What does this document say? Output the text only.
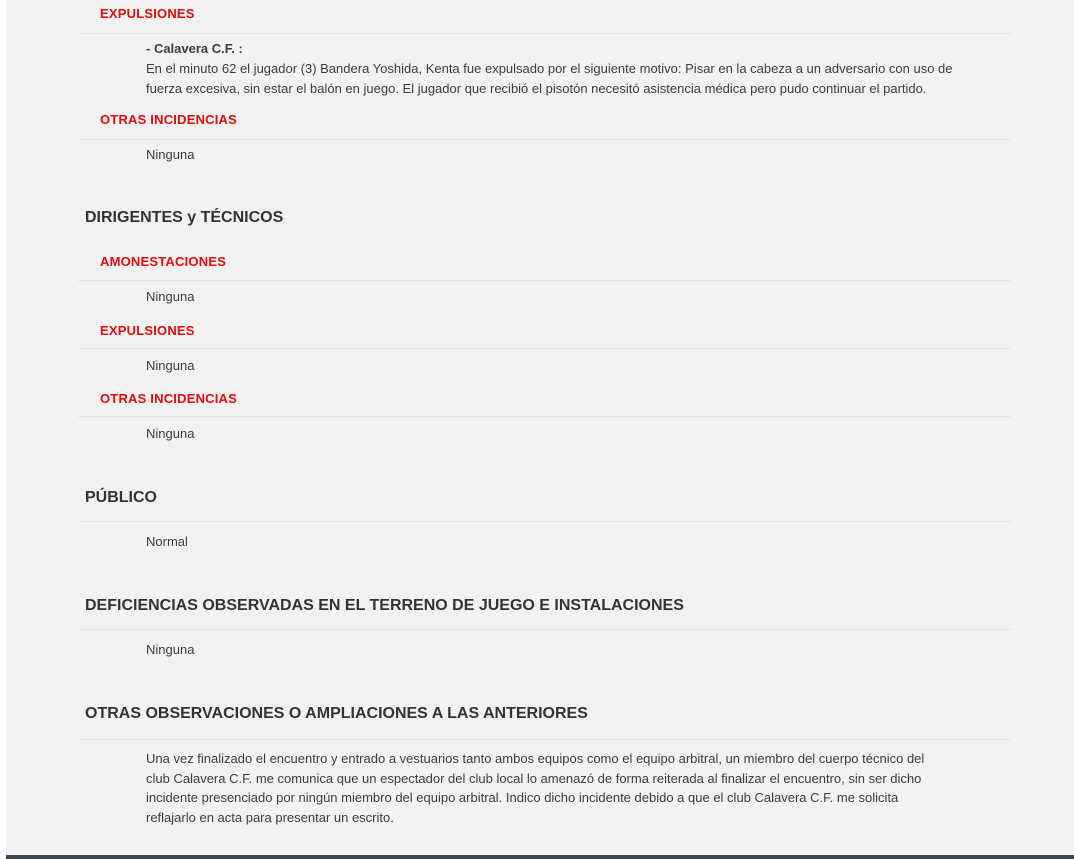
EXPULSIONES
- Calavera C.F. :
En el minuto 62 el jugador (3) Bandera Yoshida, Kenta fue expulsado por el siguiente motivo: Pisar en la cabeza a un adversario con uso de fuerza excesiva, sin estar el balón en juego. El jugador que recibió el pisotón necesitó asistencia médica pero pudo continuar el partido.
OTRAS INCIDENCIAS
Ninguna
DIRIGENTES y TÉCNICOS
AMONESTACIONES
Ninguna
EXPULSIONES
Ninguna
OTRAS INCIDENCIAS
Ninguna
PÚBLICO
Normal
DEFICIENCIAS OBSERVADAS EN EL TERRENO DE JUEGO E INSTALACIONES
Ninguna
OTRAS OBSERVACIONES O AMPLIACIONES A LAS ANTERIORES
Una vez finalizado el encuentro y entrado a vestuarios tanto ambos equipos como el equipo arbitral, un miembro del cuerpo técnico del club Calavera C.F. me comunica que un espectador del club local lo amenazó de forma reiterada al finalizar el encuentro, sin ser dicho incidente presenciado por ningún miembro del equipo arbitral. Indico dicho incidente debido a que el club Calavera C.F. me solicita reflajarlo en acta para presentar un escrito.
